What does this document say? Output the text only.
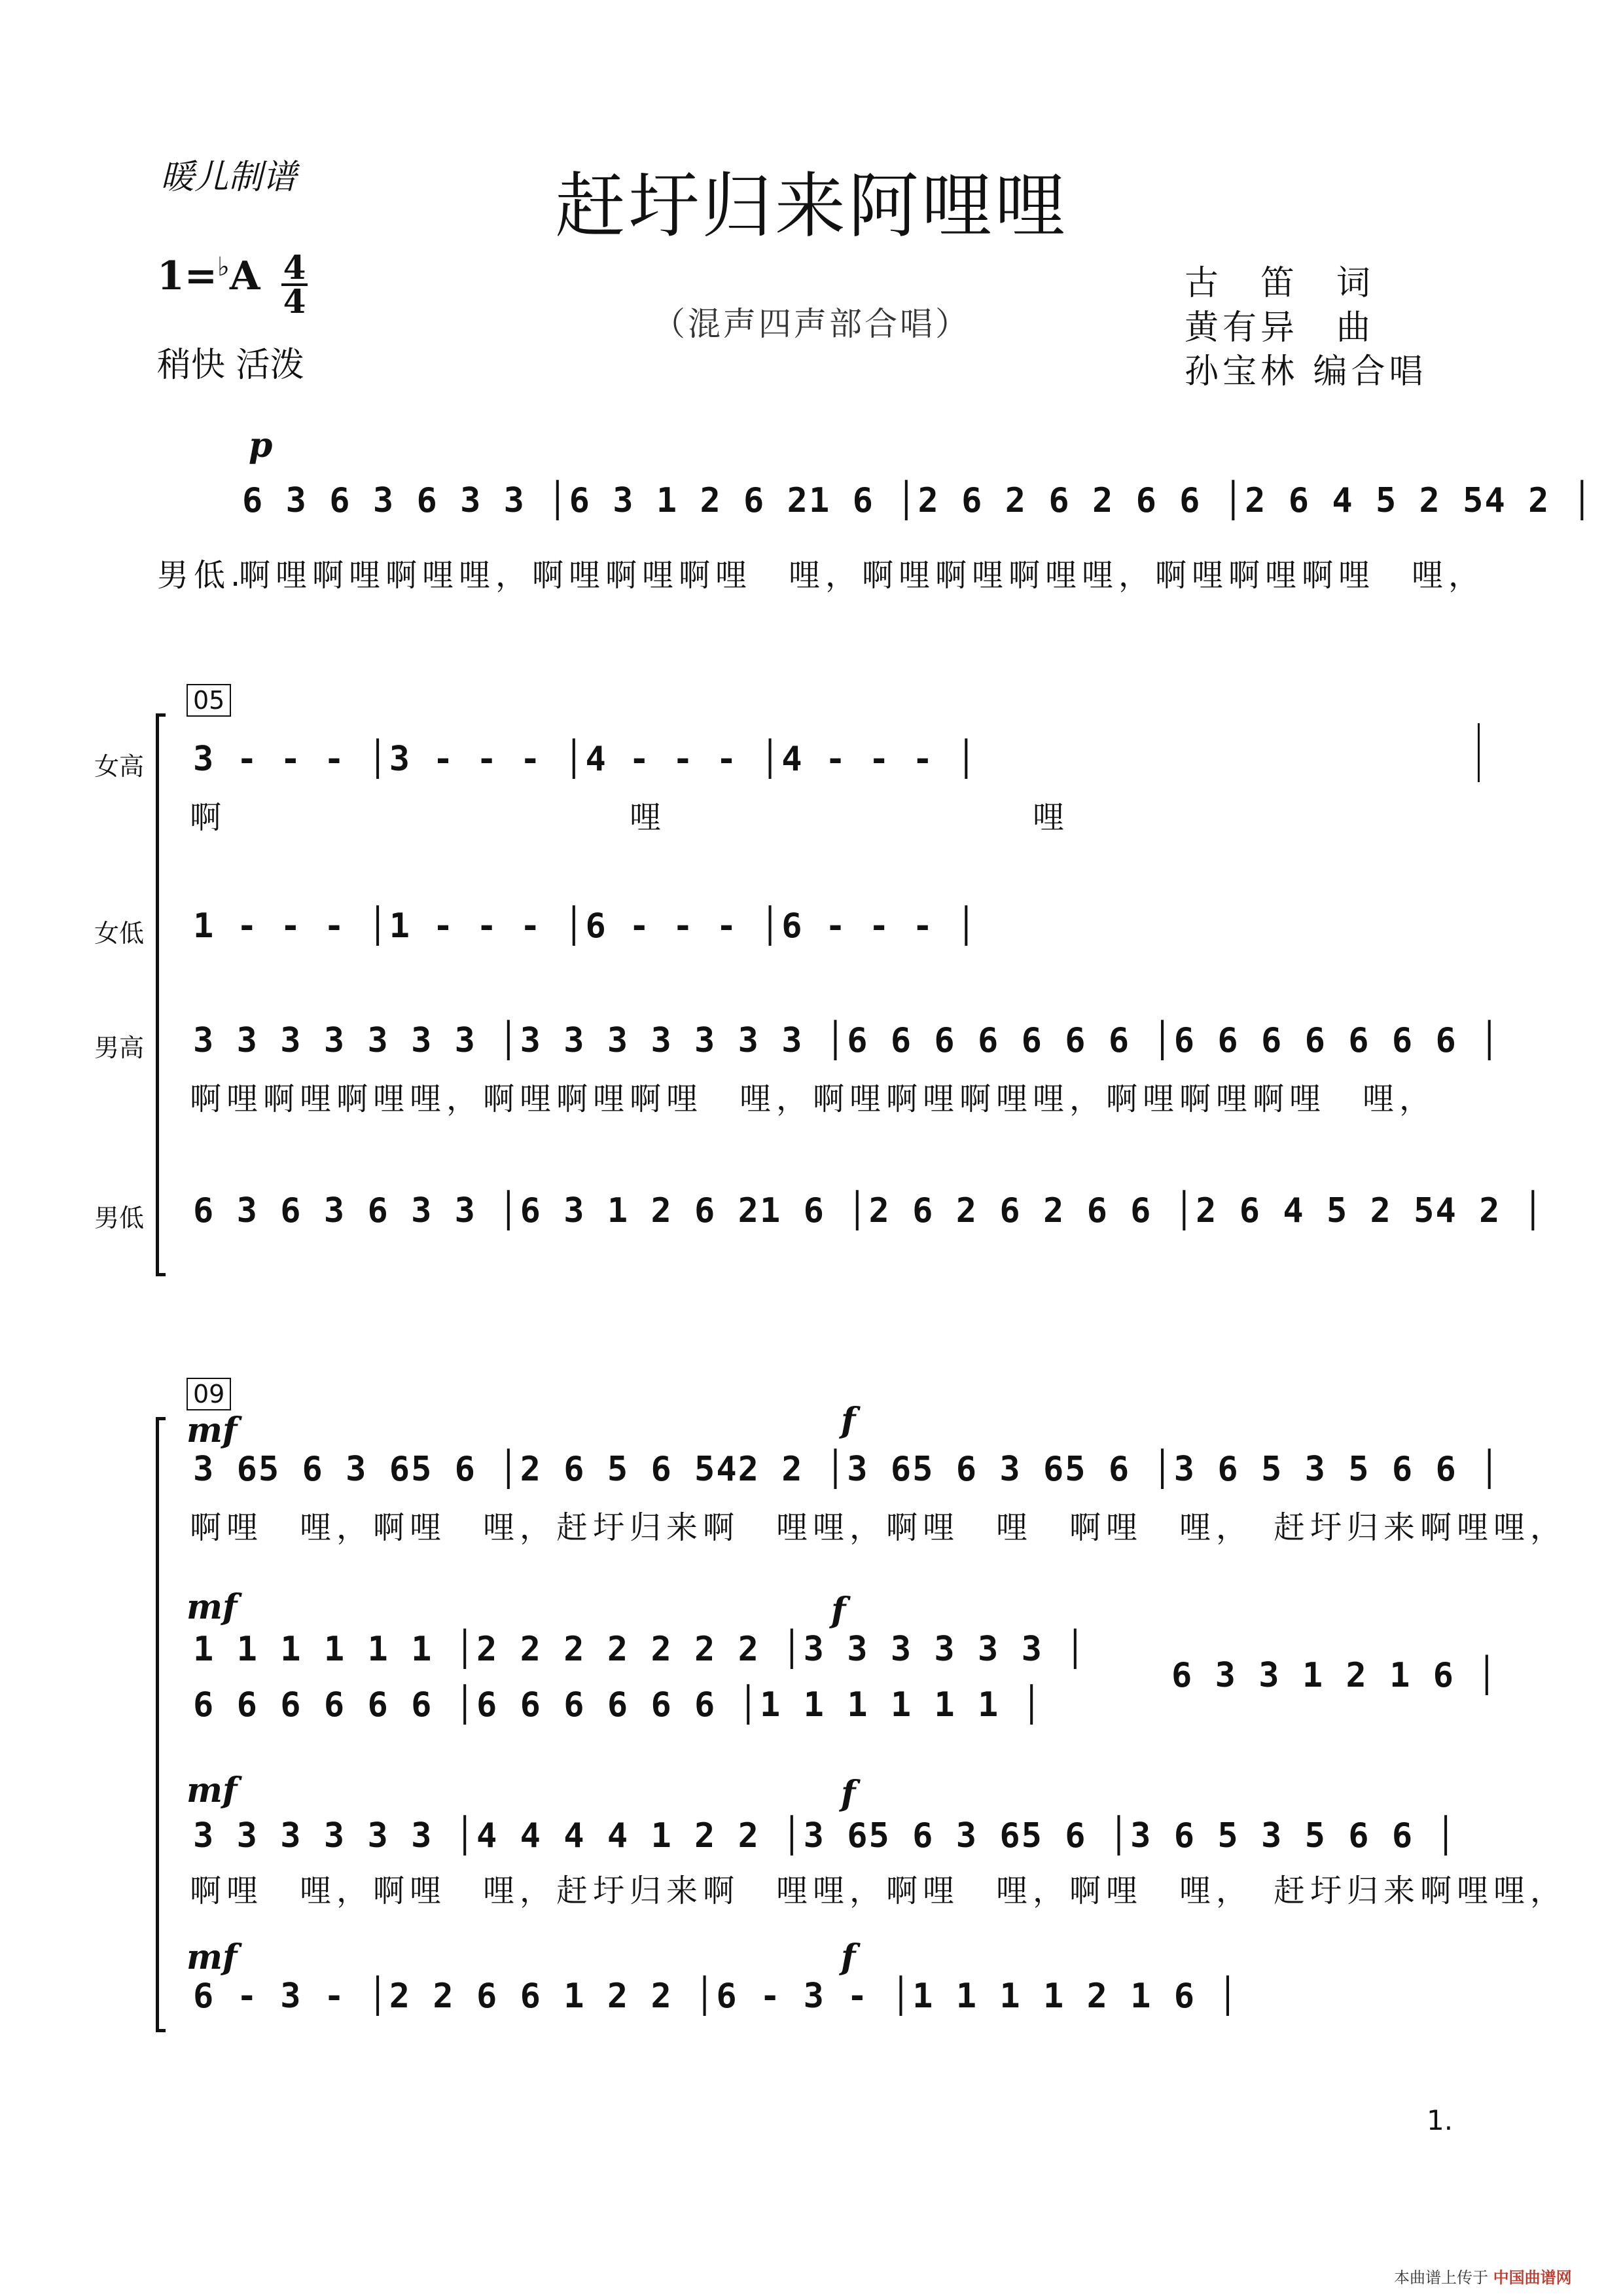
暖儿制谱	赶圩归来阿哩哩
（混声四声部合唱）
1=♭A 4
4
稍快 活泼
古　笛　词
黄有异　曲
孙宝林 编合唱
p
6 3 6 3 6 3 3 │6 3 1 2 6 21 6 │2 6 2 6 2 6 6 │2 6 4 5 2 54 2 │
男低.
啊哩啊哩啊哩哩，啊哩啊哩啊哩　哩，啊哩啊哩啊哩哩，啊哩啊哩啊哩　哩，
05
女高 3 - - - │3 - - - │4 - - - │4 - - - │
啊　　　　　　　　　　　哩　　　　　　　　　　哩
女低 1 - - - │1 - - - │6 - - - │6 - - - │
男高 3 3 3 3 3 3 3 │3 3 3 3 3 3 3 │6 6 6 6 6 6 6 │6 6 6 6 6 6 6 │
啊哩啊哩啊哩哩，啊哩啊哩啊哩　哩，啊哩啊哩啊哩哩，啊哩啊哩啊哩　哩，
男低 6 3 6 3 6 3 3 │6 3 1 2 6 21 6 │2 6 2 6 2 6 6 │2 6 4 5 2 54 2 │
09
mf	f
3 65 6 3 65 6 │2 6 5 6 542 2 │3 65 6 3 65 6 │3 6 5 3 5 6 6 │
啊哩　哩，啊哩　哩，赶圩归来啊　哩哩，啊哩　哩　啊哩　哩，　赶圩归来啊哩哩，
mf	f
1 1 1 1 1 1 │2 2 2 2 2 2 2 │3 3 3 3 3 3 │
6 6 6 6 6 6 │6 6 6 6 6 6 │1 1 1 1 1 1 │
6 3 3 1 2 1 6 │
mf	f
3 3 3 3 3 3 │4 4 4 4 1 2 2 │3 65 6 3 65 6 │3 6 5 3 5 6 6 │
啊哩　哩，啊哩　哩，赶圩归来啊　哩哩，啊哩　哩，啊哩　哩，　赶圩归来啊哩哩，
mf	f
6 - 3 - │2 2 6 6 1 2 2 │6 - 3 - │1 1 1 1 2 1 6 │
1.
本曲谱上传于 中国曲谱网
